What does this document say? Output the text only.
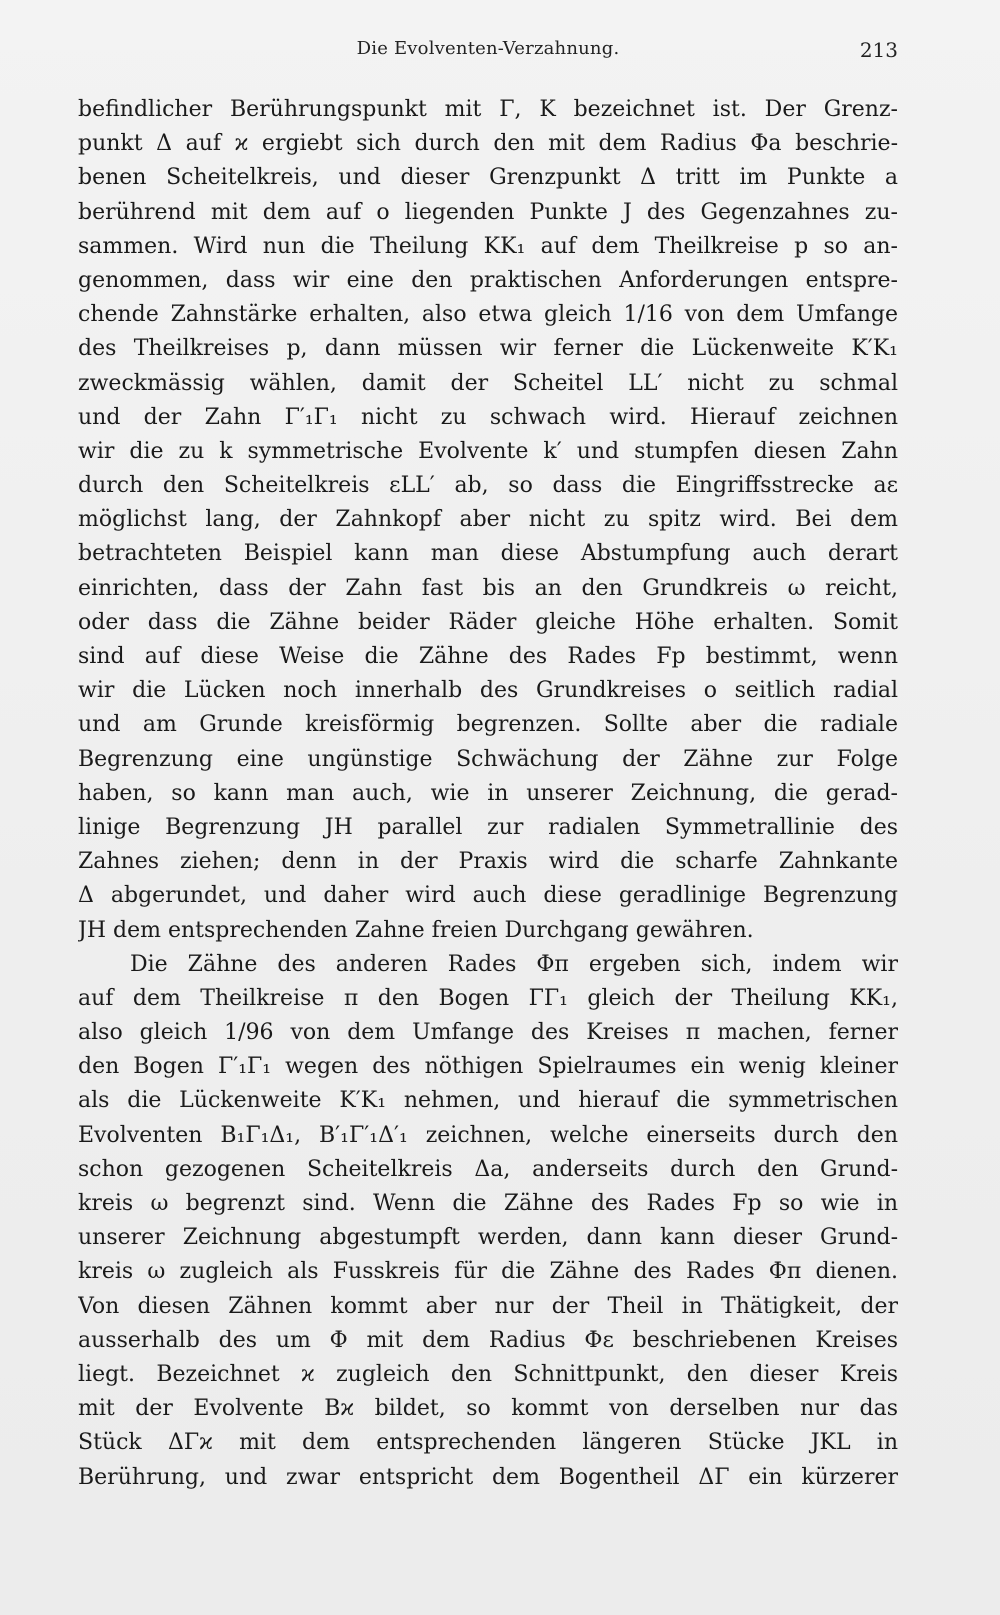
Die Evolventen-Verzahnung.	213
befindlicher Berührungspunkt mit Γ, K bezeichnet ist. Der Grenz-
punkt Δ auf ϰ ergiebt sich durch den mit dem Radius Φa beschrie-
benen Scheitelkreis, und dieser Grenzpunkt Δ tritt im Punkte a
berührend mit dem auf o liegenden Punkte J des Gegenzahnes zu-
sammen. Wird nun die Theilung KK₁ auf dem Theilkreise p so an-
genommen, dass wir eine den praktischen Anforderungen entspre-
chende Zahnstärke erhalten, also etwa gleich 1/16 von dem Umfange
des Theilkreises p, dann müssen wir ferner die Lückenweite K′K₁
zweckmässig wählen, damit der Scheitel LL′ nicht zu schmal
und der Zahn Γ′₁Γ₁ nicht zu schwach wird. Hierauf zeichnen
wir die zu k symmetrische Evolvente k′ und stumpfen diesen Zahn
durch den Scheitelkreis εLL′ ab, so dass die Eingriffsstrecke aε
möglichst lang, der Zahnkopf aber nicht zu spitz wird. Bei dem
betrachteten Beispiel kann man diese Abstumpfung auch derart
einrichten, dass der Zahn fast bis an den Grundkreis ω reicht,
oder dass die Zähne beider Räder gleiche Höhe erhalten. Somit
sind auf diese Weise die Zähne des Rades Fp bestimmt, wenn
wir die Lücken noch innerhalb des Grundkreises o seitlich radial
und am Grunde kreisförmig begrenzen. Sollte aber die radiale
Begrenzung eine ungünstige Schwächung der Zähne zur Folge
haben, so kann man auch, wie in unserer Zeichnung, die gerad-
linige Begrenzung JH parallel zur radialen Symmetrallinie des
Zahnes ziehen; denn in der Praxis wird die scharfe Zahnkante
Δ abgerundet, und daher wird auch diese geradlinige Begrenzung
JH dem entsprechenden Zahne freien Durchgang gewähren.
Die Zähne des anderen Rades Φπ ergeben sich, indem wir
auf dem Theilkreise π den Bogen ΓΓ₁ gleich der Theilung KK₁,
also gleich 1/96 von dem Umfange des Kreises π machen, ferner
den Bogen Γ′₁Γ₁ wegen des nöthigen Spielraumes ein wenig kleiner
als die Lückenweite K′K₁ nehmen, und hierauf die symmetrischen
Evolventen B₁Γ₁Δ₁, B′₁Γ′₁Δ′₁ zeichnen, welche einerseits durch den
schon gezogenen Scheitelkreis Δa, anderseits durch den Grund-
kreis ω begrenzt sind. Wenn die Zähne des Rades Fp so wie in
unserer Zeichnung abgestumpft werden, dann kann dieser Grund-
kreis ω zugleich als Fusskreis für die Zähne des Rades Φπ dienen.
Von diesen Zähnen kommt aber nur der Theil in Thätigkeit, der
ausserhalb des um Φ mit dem Radius Φε beschriebenen Kreises
liegt. Bezeichnet ϰ zugleich den Schnittpunkt, den dieser Kreis
mit der Evolvente Bϰ bildet, so kommt von derselben nur das
Stück ΔΓϰ mit dem entsprechenden längeren Stücke JKL in
Berührung, und zwar entspricht dem Bogentheil ΔΓ ein kürzerer
